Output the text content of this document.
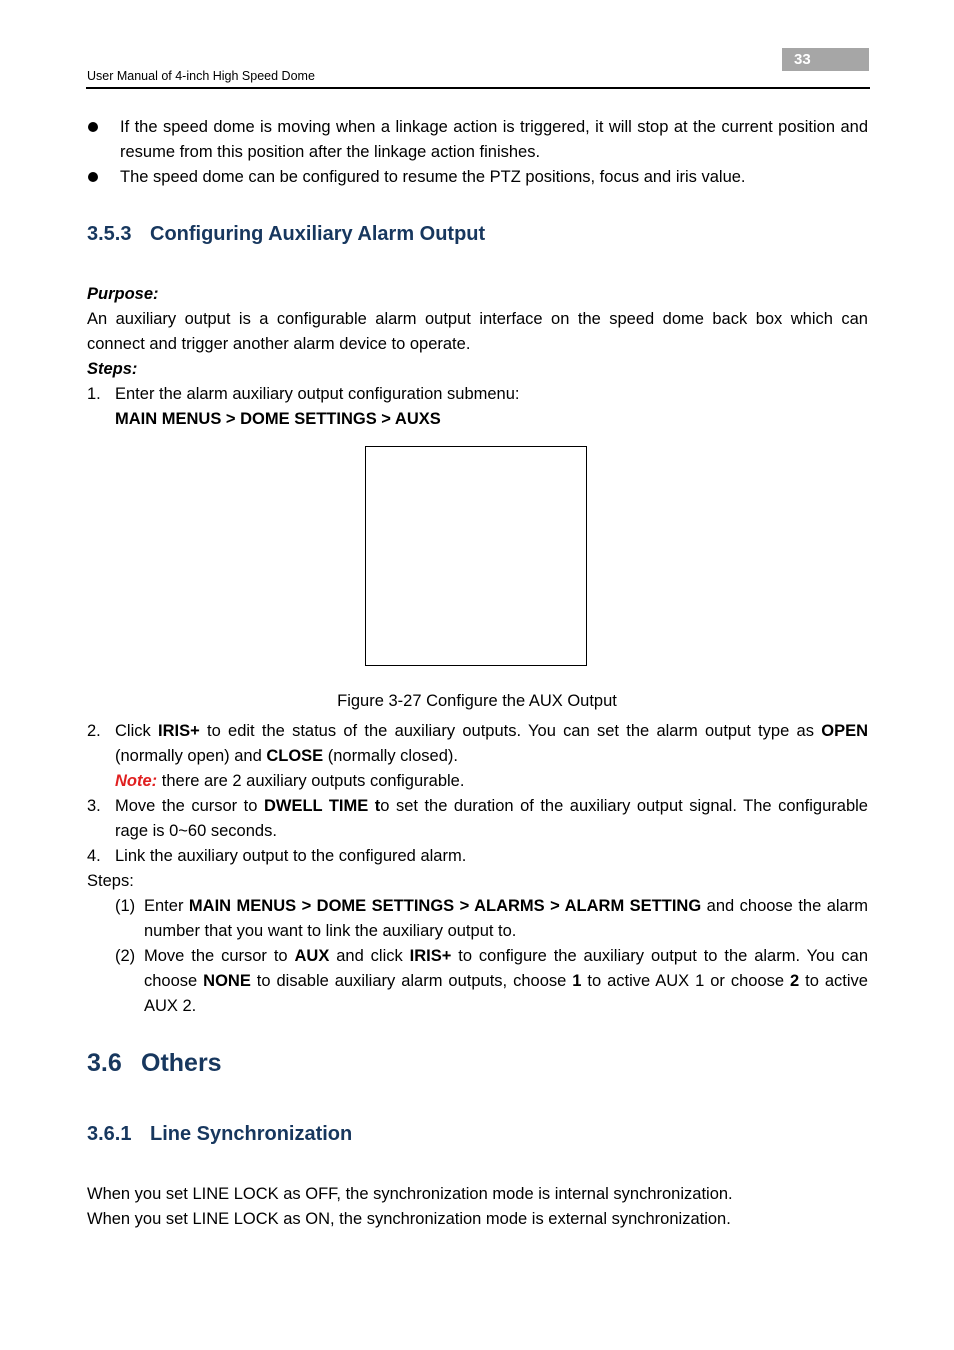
33
User Manual of 4-inch High Speed Dome
If the speed dome is moving when a linkage action is triggered, it will stop at the current position and resume from this position after the linkage action finishes.
The speed dome can be configured to resume the PTZ positions, focus and iris value.
3.5.3 Configuring Auxiliary Alarm Output
Purpose:
An auxiliary output is a configurable alarm output interface on the speed dome back box which can connect and trigger another alarm device to operate.
Steps:
1. Enter the alarm auxiliary output configuration submenu:
MAIN MENUS > DOME SETTINGS > AUXS
Figure 3-27 Configure the AUX Output
2. Click IRIS+ to edit the status of the auxiliary outputs. You can set the alarm output type as OPEN (normally open) and CLOSE (normally closed).
Note: there are 2 auxiliary outputs configurable.
3. Move the cursor to DWELL TIME to set the duration of the auxiliary output signal. The configurable rage is 0~60 seconds.
4. Link the auxiliary output to the configured alarm.
Steps:
(1) Enter MAIN MENUS > DOME SETTINGS > ALARMS > ALARM SETTING and choose the alarm number that you want to link the auxiliary output to.
(2) Move the cursor to AUX and click IRIS+ to configure the auxiliary output to the alarm. You can choose NONE to disable auxiliary alarm outputs, choose 1 to active AUX 1 or choose 2 to active AUX 2.
3.6 Others
3.6.1 Line Synchronization
When you set LINE LOCK as OFF, the synchronization mode is internal synchronization.
When you set LINE LOCK as ON, the synchronization mode is external synchronization.
